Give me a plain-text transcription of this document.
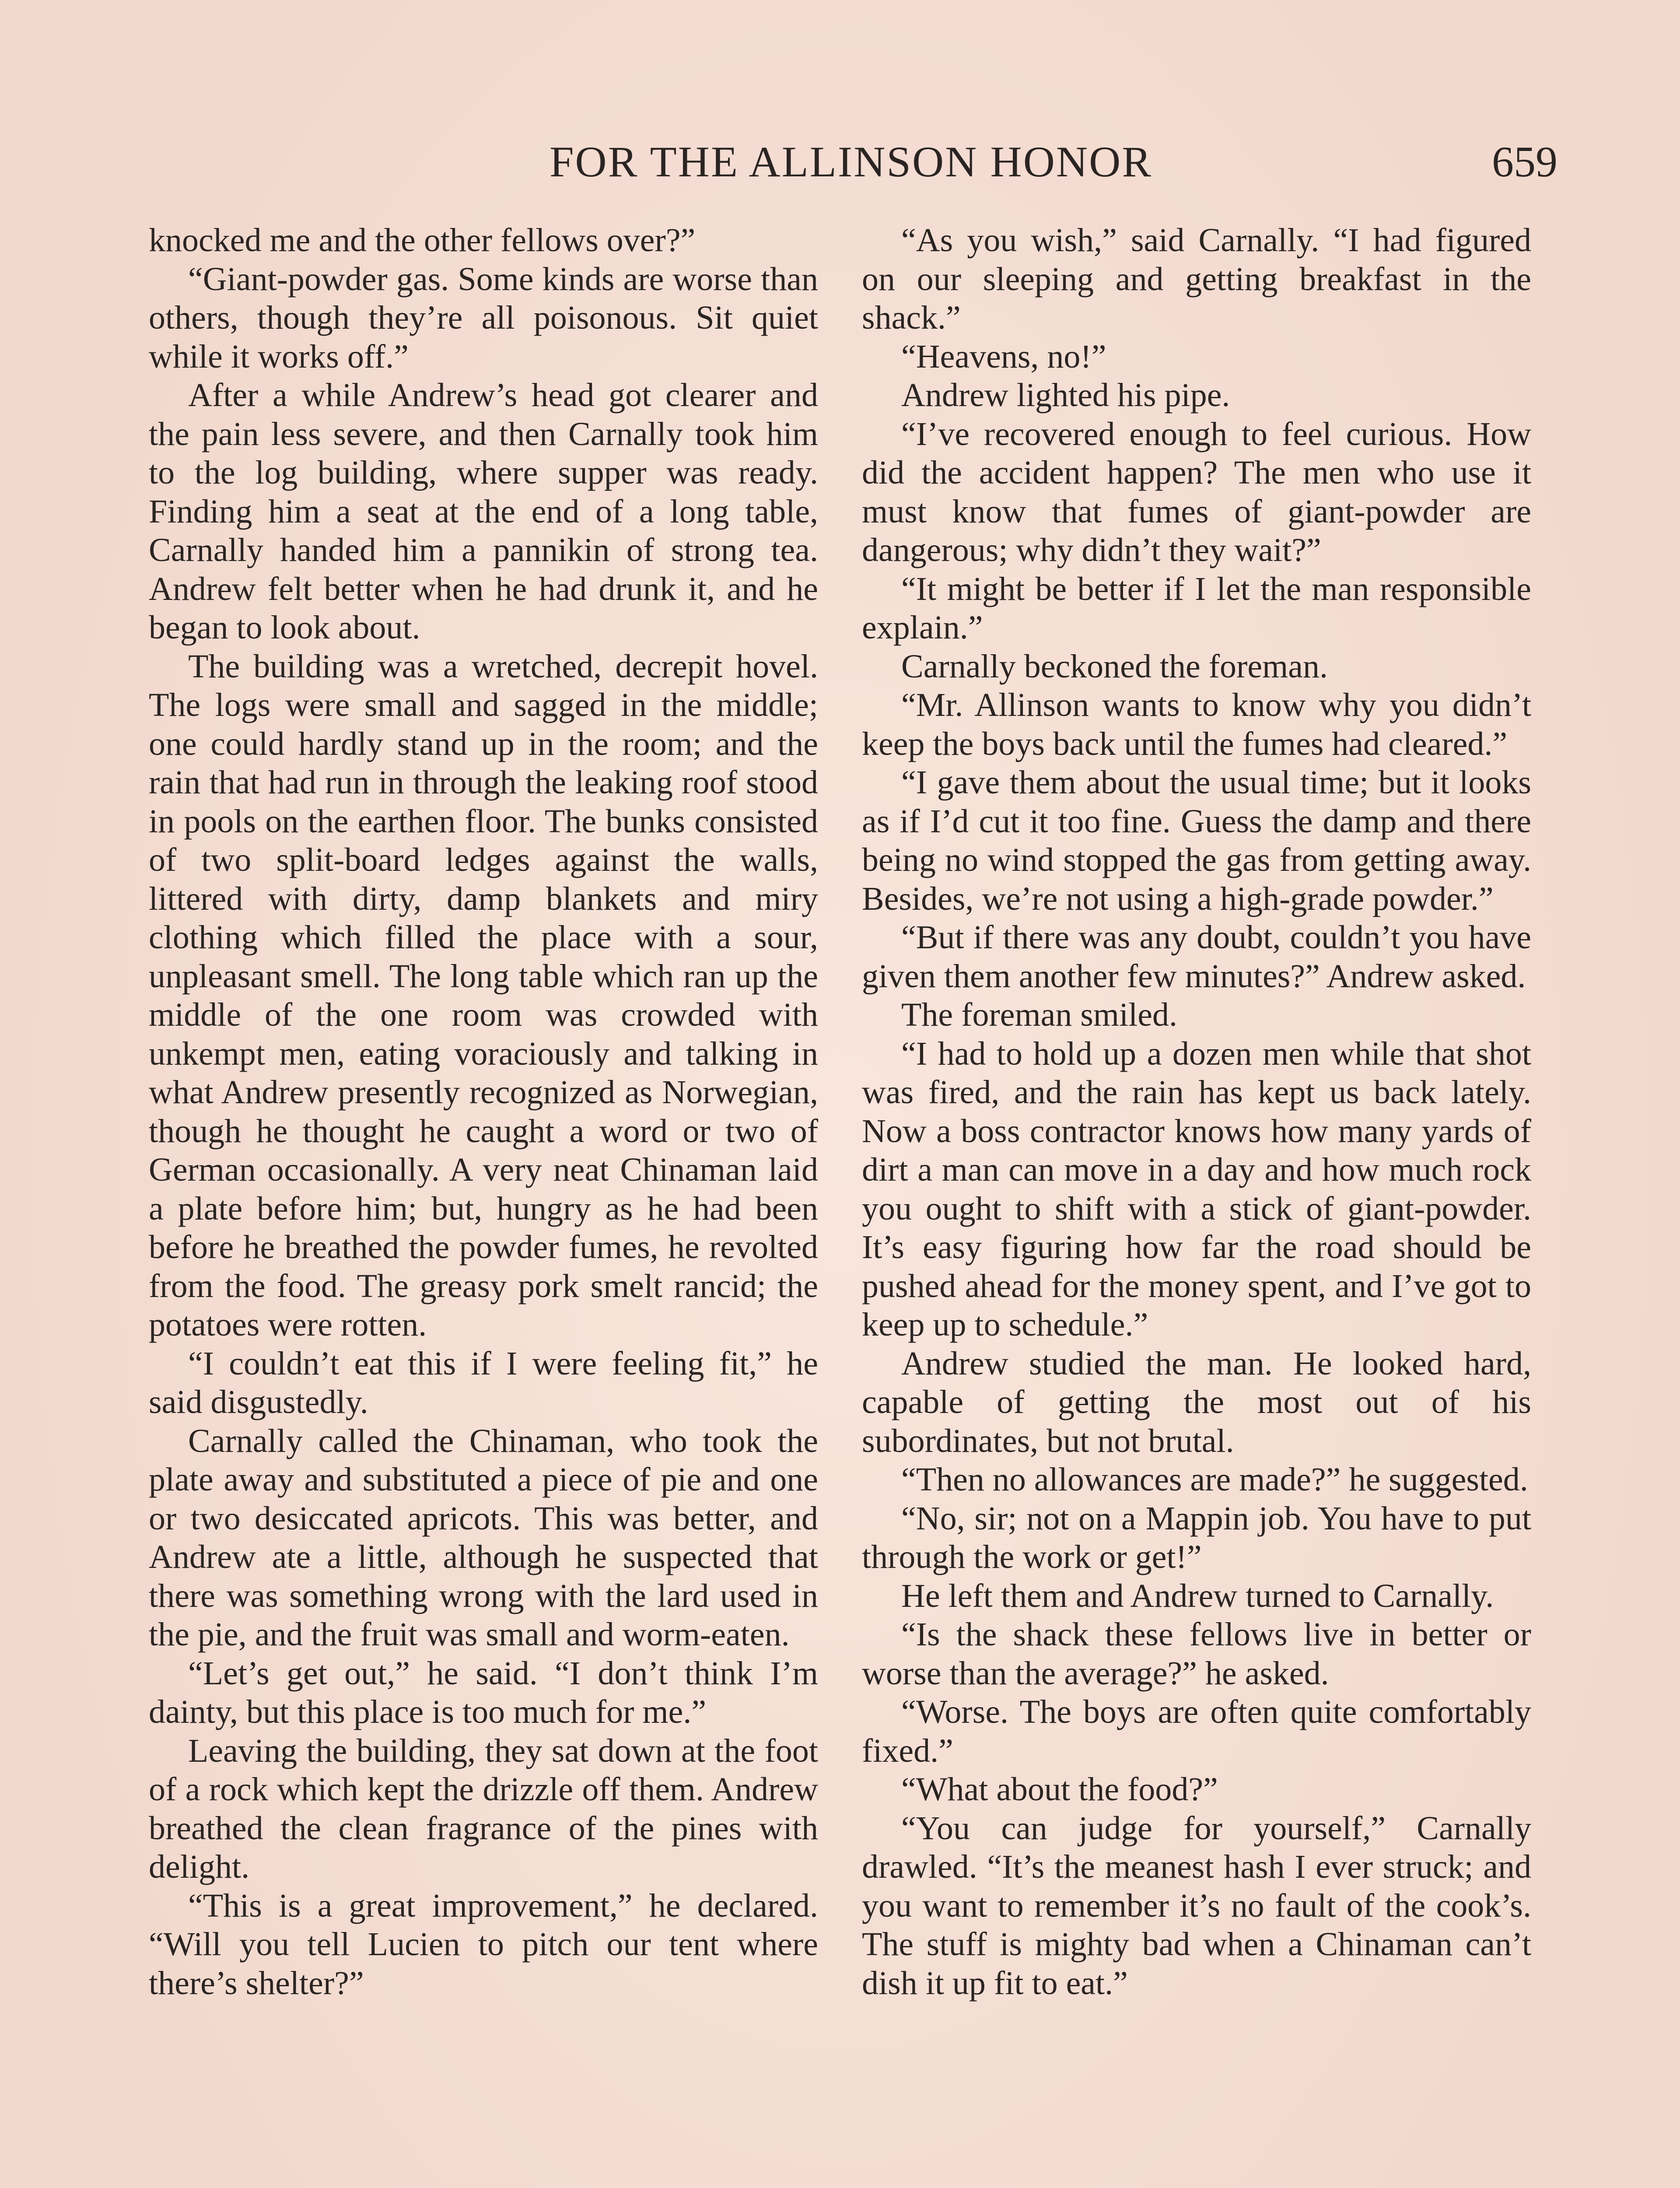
FOR THE ALLINSON HONOR	659

knocked me and the other fellows over?”

“Giant-powder gas. Some kinds are worse than others, though they’re all poisonous. Sit quiet while it works off.”

After a while Andrew’s head got clearer and the pain less severe, and then Carnally took him to the log building, where supper was ready. Finding him a seat at the end of a long table, Carnally handed him a pannikin of strong tea. Andrew felt better when he had drunk it, and he began to look about.

The building was a wretched, decrepit hovel. The logs were small and sagged in the middle; one could hardly stand up in the room; and the rain that had run in through the leaking roof stood in pools on the earthen floor. The bunks consisted of two split-board ledges against the walls, littered with dirty, damp blankets and miry clothing which filled the place with a sour, unpleasant smell. The long table which ran up the middle of the one room was crowded with unkempt men, eating voraciously and talking in what Andrew presently recognized as Norwegian, though he thought he caught a word or two of German occasionally. A very neat Chinaman laid a plate before him; but, hungry as he had been before he breathed the powder fumes, he revolted from the food. The greasy pork smelt rancid; the potatoes were rotten.

“I couldn’t eat this if I were feeling fit,” he said disgustedly.

Carnally called the Chinaman, who took the plate away and substituted a piece of pie and one or two desiccated apricots. This was better, and Andrew ate a little, although he suspected that there was something wrong with the lard used in the pie, and the fruit was small and worm-eaten.

“Let’s get out,” he said. “I don’t think I’m dainty, but this place is too much for me.”

Leaving the building, they sat down at the foot of a rock which kept the drizzle off them. Andrew breathed the clean fragrance of the pines with delight.

“This is a great improvement,” he declared. “Will you tell Lucien to pitch our tent where there’s shelter?”

“As you wish,” said Carnally. “I had figured on our sleeping and getting breakfast in the shack.”

“Heavens, no!”

Andrew lighted his pipe.

“I’ve recovered enough to feel curious. How did the accident happen? The men who use it must know that fumes of giant-powder are dangerous; why didn’t they wait?”

“It might be better if I let the man responsible explain.”

Carnally beckoned the foreman.

“Mr. Allinson wants to know why you didn’t keep the boys back until the fumes had cleared.”

“I gave them about the usual time; but it looks as if I’d cut it too fine. Guess the damp and there being no wind stopped the gas from getting away. Besides, we’re not using a high-grade powder.”

“But if there was any doubt, couldn’t you have given them another few minutes?” Andrew asked.

The foreman smiled.

“I had to hold up a dozen men while that shot was fired, and the rain has kept us back lately. Now a boss contractor knows how many yards of dirt a man can move in a day and how much rock you ought to shift with a stick of giant-powder. It’s easy figuring how far the road should be pushed ahead for the money spent, and I’ve got to keep up to schedule.”

Andrew studied the man. He looked hard, capable of getting the most out of his subordinates, but not brutal.

“Then no allowances are made?” he suggested.

“No, sir; not on a Mappin job. You have to put through the work or get!”

He left them and Andrew turned to Carnally.

“Is the shack these fellows live in better or worse than the average?” he asked.

“Worse. The boys are often quite comfortably fixed.”

“What about the food?”

“You can judge for yourself,” Carnally drawled. “It’s the meanest hash I ever struck; and you want to remember it’s no fault of the cook’s. The stuff is mighty bad when a Chinaman can’t dish it up fit to eat.”
